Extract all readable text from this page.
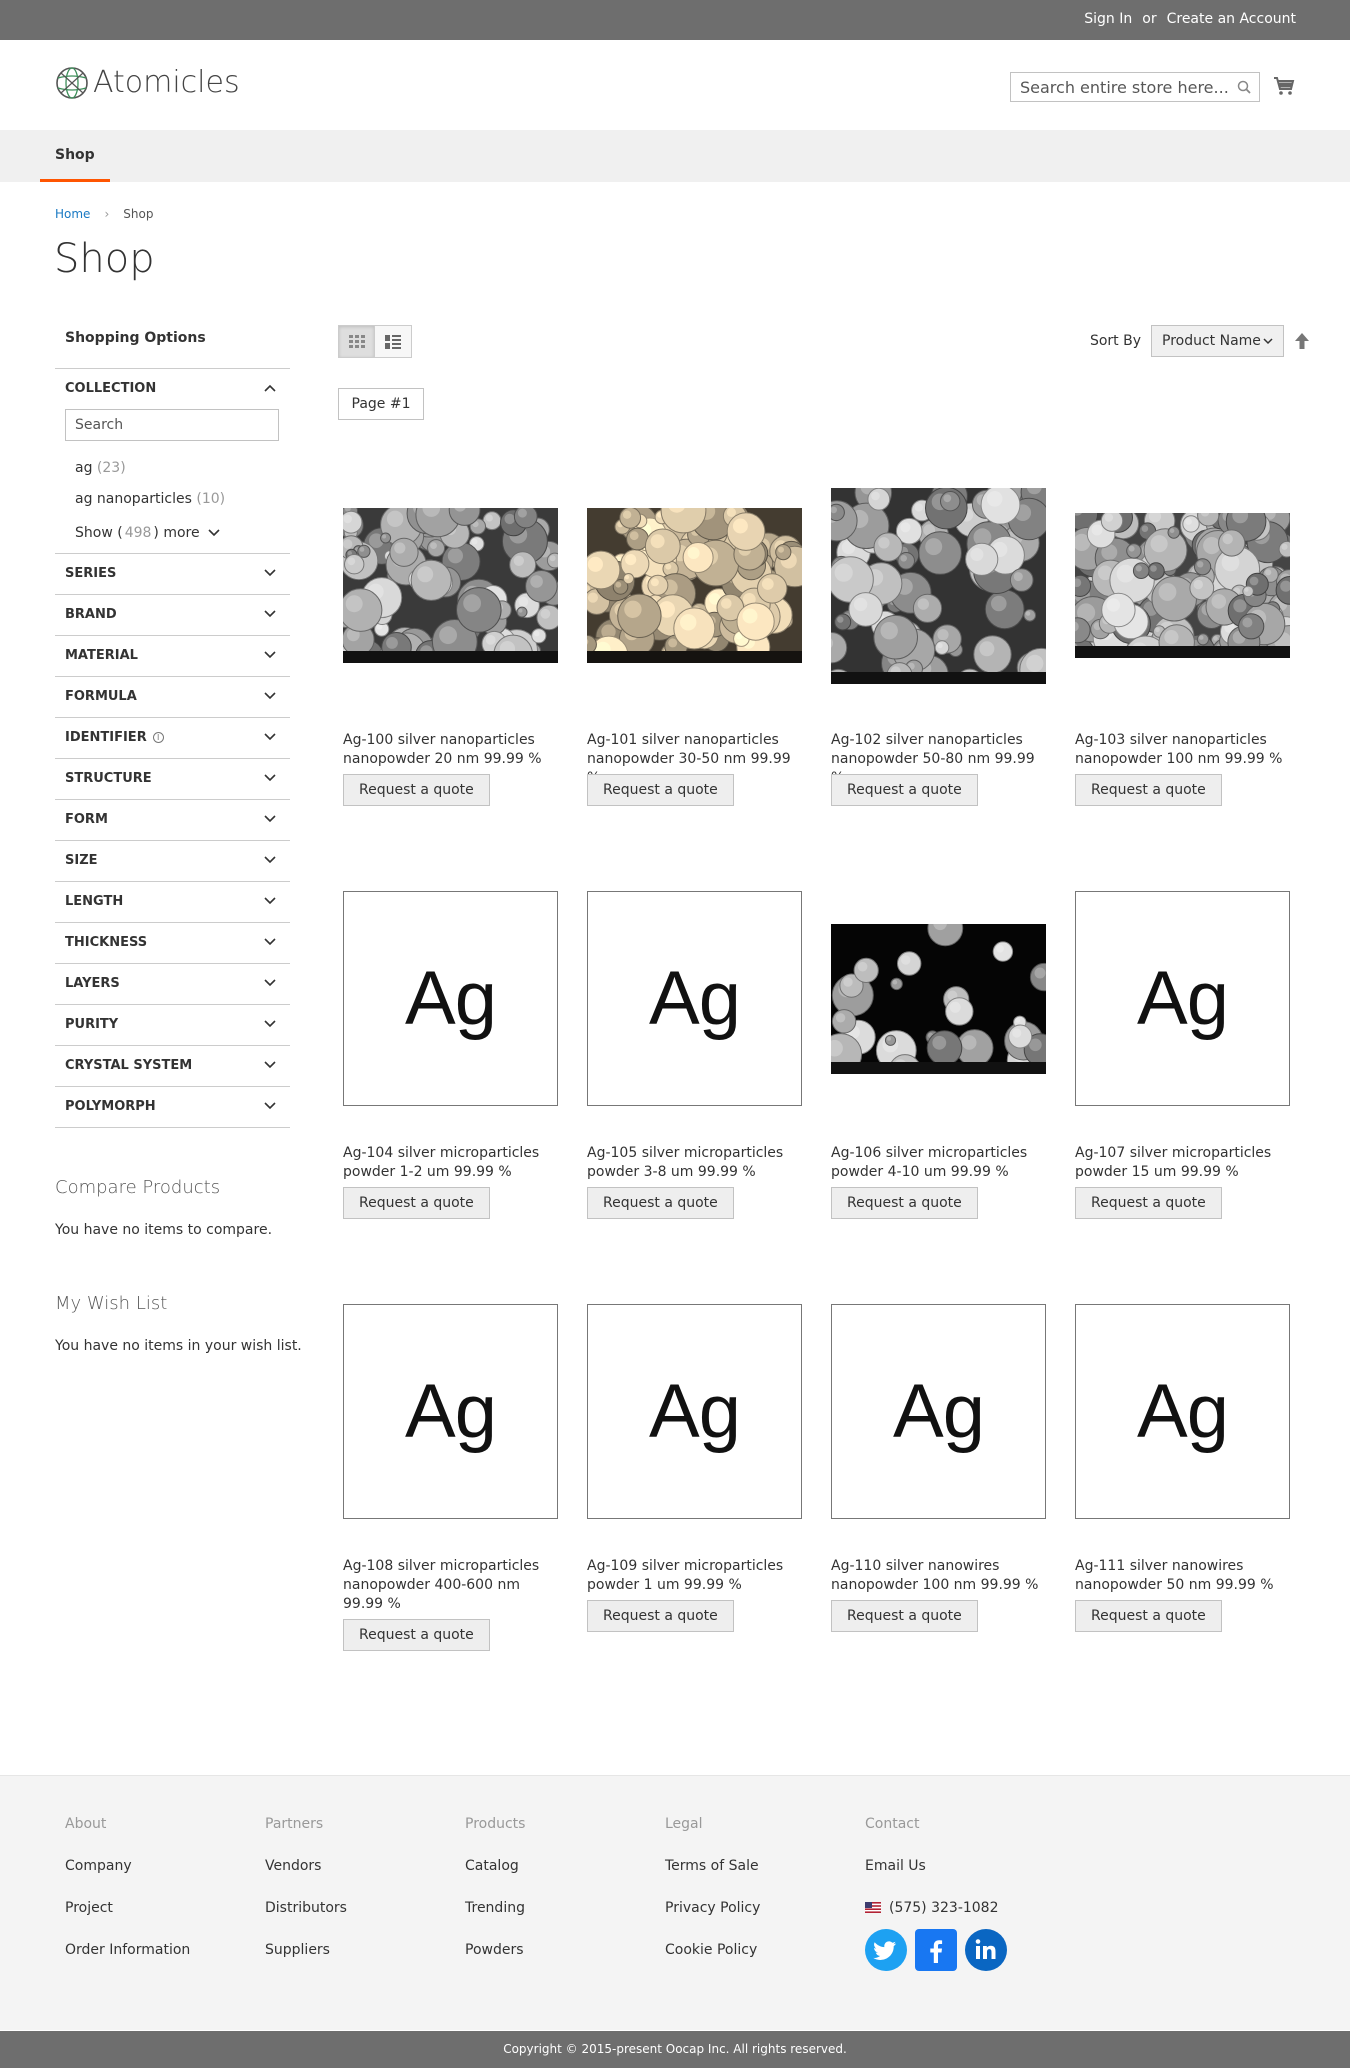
Sign In or Create an Account
Atomicles
Search entire store here...
Shop
Home › Shop
Shop
Shopping Options
COLLECTION
Search
ag (23)
ag nanoparticles (10)
Show ( 498 ) more
SERIES
BRAND
MATERIAL
FORMULA
IDENTIFIER I
STRUCTURE
FORM
SIZE
LENGTH
THICKNESS
LAYERS
PURITY
CRYSTAL SYSTEM
POLYMORPH
Compare Products
You have no items to compare.
My Wish List
You have no items in your wish list.
Sort By	Product Name
Page #1
Ag-100 silver nanoparticles nanopowder 20 nm 99.99 %
Request a quote
Ag-101 silver nanoparticles nanopowder 30-50 nm 99.99
Request a quote
Ag-102 silver nanoparticles nanopowder 50-80 nm 99.99
Request a quote
Ag-103 silver nanoparticles nanopowder 100 nm 99.99 %
Request a quote
Ag
Ag-104 silver microparticles powder 1-2 um 99.99 %
Request a quote
Ag
Ag-105 silver microparticles powder 3-8 um 99.99 %
Request a quote
Ag-106 silver microparticles powder 4-10 um 99.99 %
Request a quote
Ag
Ag-107 silver microparticles powder 15 um 99.99 %
Request a quote
Ag
Ag-108 silver microparticles nanopowder 400-600 nm 99.99 %
Request a quote
Ag
Ag-109 silver microparticles powder 1 um 99.99 %
Request a quote
Ag
Ag-110 silver nanowires nanopowder 100 nm 99.99 %
Request a quote
Ag
Ag-111 silver nanowires nanopowder 50 nm 99.99 %
Request a quote
About
Company
Project
Order Information
Partners
Vendors
Distributors
Suppliers
Products
Catalog
Trending
Powders
Legal
Terms of Sale
Privacy Policy
Cookie Policy
Contact
Email Us
(575) 323-1082
Copyright © 2015-present Oocap Inc. All rights reserved.
